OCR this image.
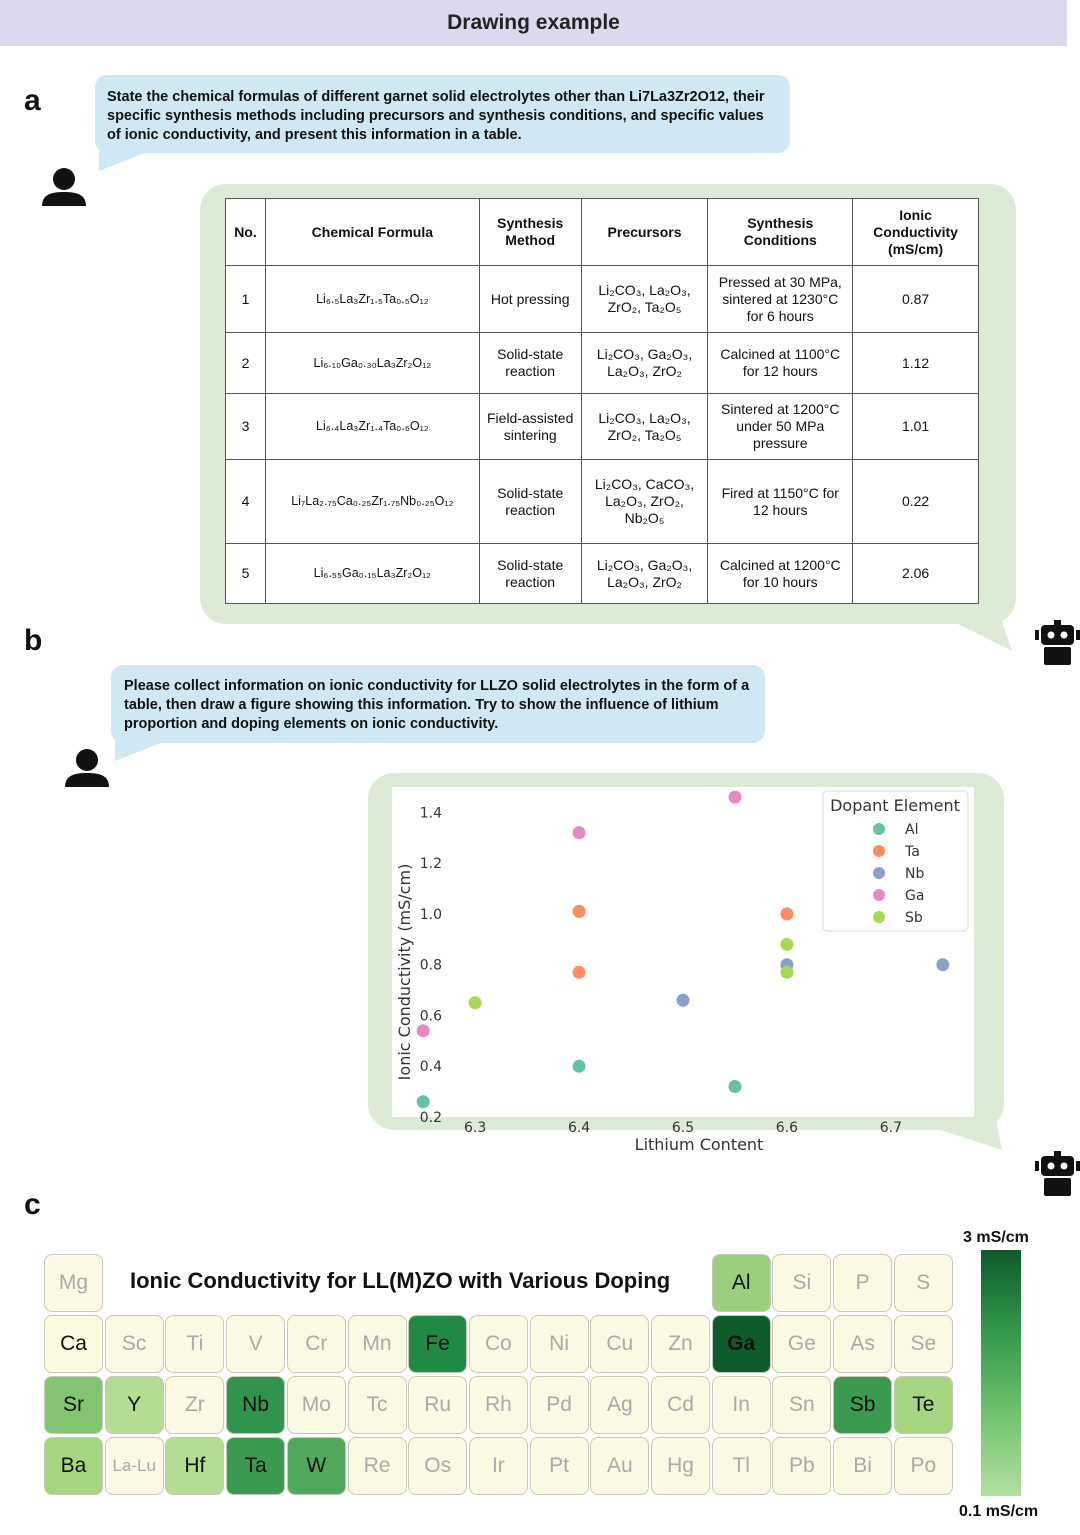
Drawing example
a	State the chemical formulas of different garnet solid electrolytes other than Li7La3Zr2O12, their specific synthesis methods including precursors and synthesis conditions, and specific values of ionic conductivity, and present this information in a table.
No.	Chemical Formula	Synthesis Method	Precursors	Synthesis Conditions	Ionic Conductivity (mS/cm)
1	Li₆.₅La₃Zr₁.₅Ta₀.₅O₁₂	Hot pressing	Li₂CO₃, La₂O₃, ZrO₂, Ta₂O₅	Pressed at 30 MPa, sintered at 1230°C for 6 hours	0.87
2	Li₆.₁₀Ga₀.₃₀La₃Zr₂O₁₂	Solid-state reaction	Li₂CO₃, Ga₂O₃, La₂O₃, ZrO₂	Calcined at 1100°C for 12 hours	1.12
3	Li₆.₄La₃Zr₁.₄Ta₀.₆O₁₂	Field-assisted sintering	Li₂CO₃, La₂O₃, ZrO₂, Ta₂O₅	Sintered at 1200°C under 50 MPa pressure	1.01
4	Li₇La₂.₇₅Ca₀.₂₅Zr₁.₇₅Nb₀.₂₅O₁₂	Solid-state reaction	Li₂CO₃, CaCO₃, La₂O₃, ZrO₂, Nb₂O₅	Fired at 1150°C for 12 hours	0.22
5	Li₆.₅₅Ga₀.₁₅La₃Zr₂O₁₂	Solid-state reaction	Li₂CO₃, Ga₂O₃, La₂O₃, ZrO₂	Calcined at 1200°C for 10 hours	2.06
b
Please collect information on ionic conductivity for LLZO solid electrolytes in the form of a table, then draw a figure showing this information. Try to show the influence of lithium proportion and doping elements on ionic conductivity.
6.3	6.4	6.5	6.6	6.7
0.2
0.4
0.6
0.8
1.0
1.2
1.4
Lithium Content
Ionic Conductivity (mS/cm)
Dopant Element
Al
Ta
Nb
Ga
Sb
c
Mg	Al	Si	P	S
Ca	Sc	Ti	V	Cr	Mn	Fe	Co	Ni	Cu	Zn	Ga	Ge	As	Se
Sr	Y	Zr	Nb	Mo	Tc	Ru	Rh	Pd	Ag	Cd	In	Sn	Sb	Te
Ba	La-Lu	Hf	Ta	W	Re	Os	Ir	Pt	Au	Hg	Tl	Pb	Bi	Po
Ionic Conductivity for LL(M)ZO with Various Doping
3 mS/cm
0.1 mS/cm
